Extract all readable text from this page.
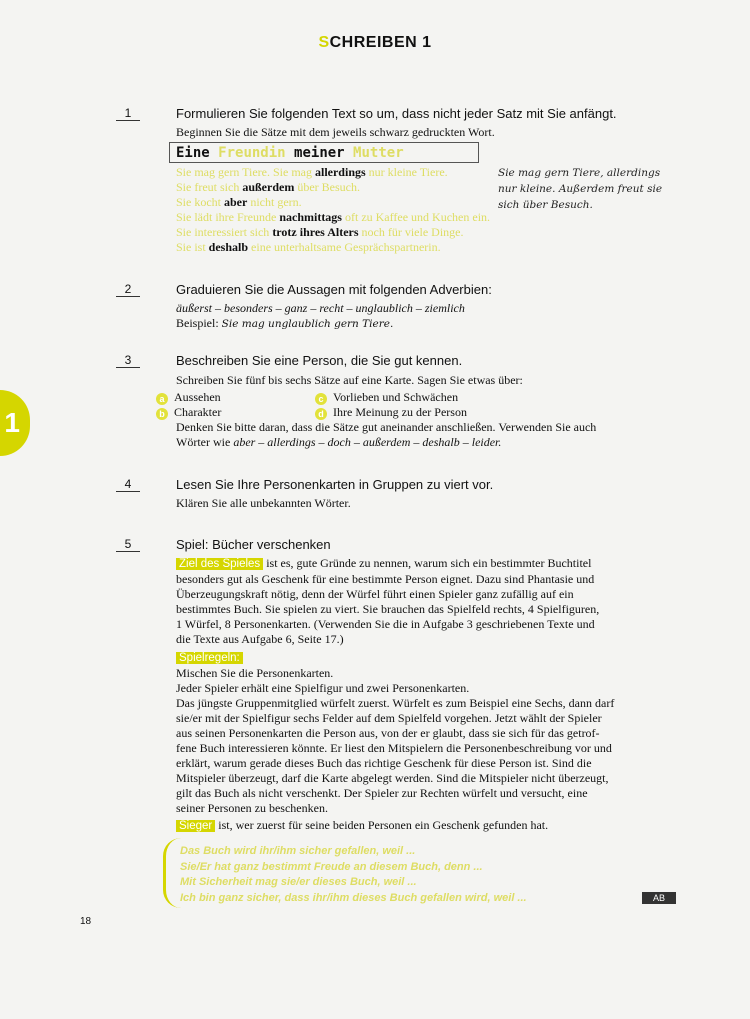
SCHREIBEN 1
1
1	Formulieren Sie folgenden Text so um, dass nicht jeder Satz mit Sie anfängt.
Beginnen Sie die Sätze mit dem jeweils schwarz gedruckten Wort.
Eine Freundin meiner Mutter
Sie mag gern Tiere. Sie mag allerdings nur kleine Tiere.
Sie freut sich außerdem über Besuch.
Sie kocht aber nicht gern.
Sie lädt ihre Freunde nachmittags oft zu Kaffee und Kuchen ein.
Sie interessiert sich trotz ihres Alters noch für viele Dinge.
Sie ist deshalb eine unterhaltsame Gesprächspartnerin.
Sie mag gern Tiere, allerdings
nur kleine. Außerdem freut sie
sich über Besuch.
2	Graduieren Sie die Aussagen mit folgenden Adverbien:
äußerst – besonders – ganz – recht – unglaublich – ziemlich
Beispiel: Sie mag unglaublich gern Tiere.
3	Beschreiben Sie eine Person, die Sie gut kennen.
Schreiben Sie fünf bis sechs Sätze auf eine Karte. Sagen Sie etwas über:
a Aussehen
b Charakter
c Vorlieben und Schwächen
d Ihre Meinung zu der Person
Denken Sie bitte daran, dass die Sätze gut aneinander anschließen. Verwenden Sie auch
Wörter wie aber – allerdings – doch – außerdem – deshalb – leider.
4	Lesen Sie Ihre Personenkarten in Gruppen zu viert vor.
Klären Sie alle unbekannten Wörter.
5	Spiel: Bücher verschenken
Ziel des Spieles ist es, gute Gründe zu nennen, warum sich ein bestimmter Buchtitel
besonders gut als Geschenk für eine bestimmte Person eignet. Dazu sind Phantasie und
Überzeugungskraft nötig, denn der Würfel führt einen Spieler ganz zufällig auf ein
bestimmtes Buch. Sie spielen zu viert. Sie brauchen das Spielfeld rechts, 4 Spielfiguren,
1 Würfel, 8 Personenkarten. (Verwenden Sie die in Aufgabe 3 geschriebenen Texte und
die Texte aus Aufgabe 6, Seite 17.)
Spielregeln:
Mischen Sie die Personenkarten.
Jeder Spieler erhält eine Spielfigur und zwei Personenkarten.
Das jüngste Gruppenmitglied würfelt zuerst. Würfelt es zum Beispiel eine Sechs, dann darf
sie/er mit der Spielfigur sechs Felder auf dem Spielfeld vorgehen. Jetzt wählt der Spieler
aus seinen Personenkarten die Person aus, von der er glaubt, dass sie sich für das getrof-
fene Buch interessieren könnte. Er liest den Mitspielern die Personenbeschreibung vor und
erklärt, warum gerade dieses Buch das richtige Geschenk für diese Person ist. Sind die
Mitspieler überzeugt, darf die Karte abgelegt werden. Sind die Mitspieler nicht überzeugt,
gilt das Buch als nicht verschenkt. Der Spieler zur Rechten würfelt und versucht, eine
seiner Personen zu beschenken.
Sieger ist, wer zuerst für seine beiden Personen ein Geschenk gefunden hat.
Das Buch wird ihr/ihm sicher gefallen, weil ...
Sie/Er hat ganz bestimmt Freude an diesem Buch, denn ...
Mit Sicherheit mag sie/er dieses Buch, weil ...
Ich bin ganz sicher, dass ihr/ihm dieses Buch gefallen wird, weil ...	AB
18
